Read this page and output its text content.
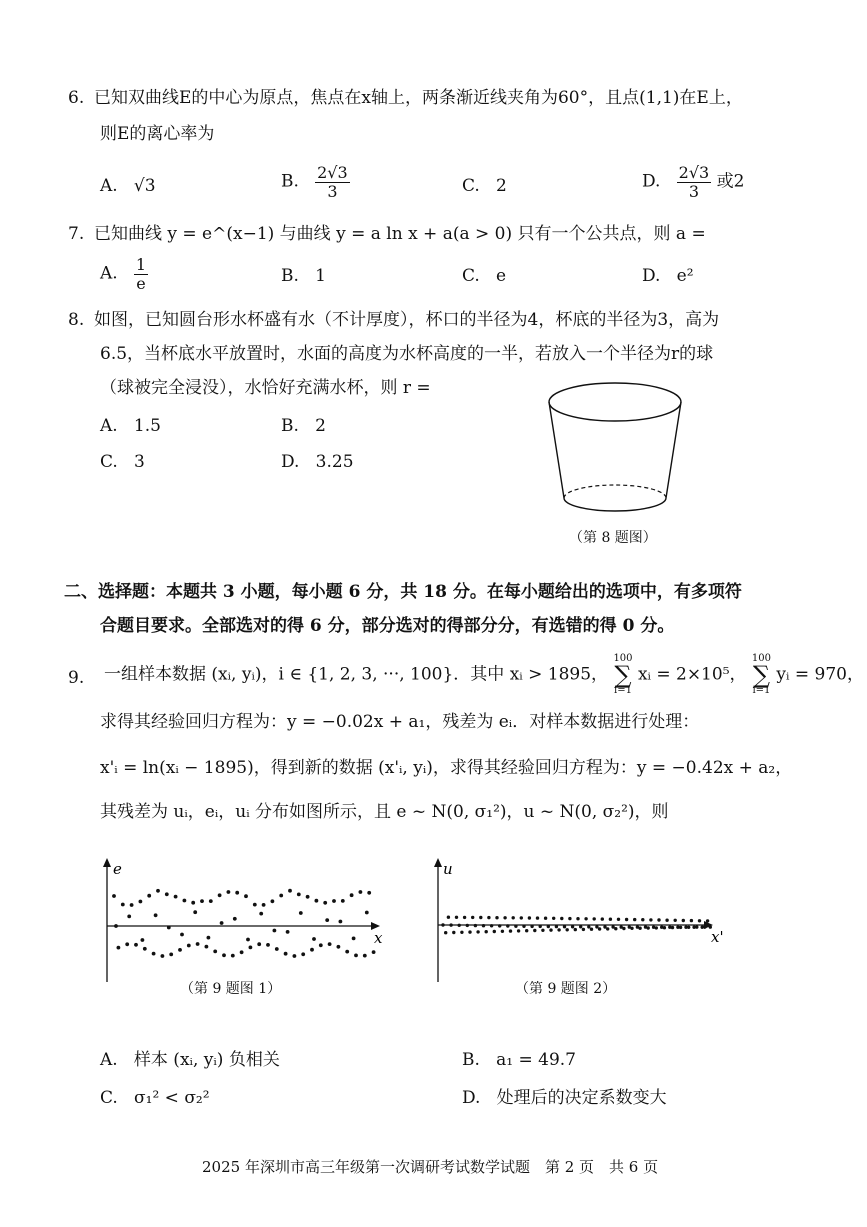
6. 已知双曲线E的中心为原点，焦点在x轴上，两条渐近线夹角为60°，且点(1,1)在E上，
则E的离心率为
A. √3	B. $\frac{2√3}{3}$	C. 2	D. $\frac{2√3}{3}$ 或2
7. 已知曲线 y = e^(x−1) 与曲线 y = a ln x + a(a > 0) 只有一个公共点，则 a =
A. $\frac{1}{e}$	B. 1	C. e	D. e²
8. 如图，已知圆台形水杯盛有水（不计厚度），杯口的半径为4，杯底的半径为3，高为
6.5，当杯底水平放置时，水面的高度为水杯高度的一半，若放入一个半径为r的球
（球被完全浸没），水恰好充满水杯，则 r =
A. 1.5	B. 2
C. 3	D. 3.25
（第 8 题图）
二、选择题：本题共 3 小题，每小题 6 分，共 18 分。在每小题给出的选项中，有多项符
合题目要求。全部选对的得 6 分，部分选对的得部分分，有选错的得 0 分。
9. 一组样本数据 (xᵢ, yᵢ)，i ∈ {1, 2, 3, ···, 100}．其中 xᵢ > 1895，
100
∑
i=1
xᵢ = 2×10⁵，
100
∑
i=1
yᵢ = 970，
求得其经验回归方程为：y = −0.02x + a₁，残差为 eᵢ．对样本数据进行处理：
x'ᵢ = ln(xᵢ − 1895)，得到新的数据 (x'ᵢ, yᵢ)，求得其经验回归方程为：y = −0.42x + a₂，
其残差为 uᵢ，eᵢ，uᵢ 分布如图所示，且 e ~ N(0, σ₁²)，u ~ N(0, σ₂²)，则
e
x
（第 9 题图 1）
u
x'
（第 9 题图 2）
A. 样本 (xᵢ, yᵢ) 负相关	B. a₁ = 49.7
C. σ₁² < σ₂²	D. 处理后的决定系数变大
2025 年深圳市高三年级第一次调研考试数学试题　第 2 页　共 6 页
